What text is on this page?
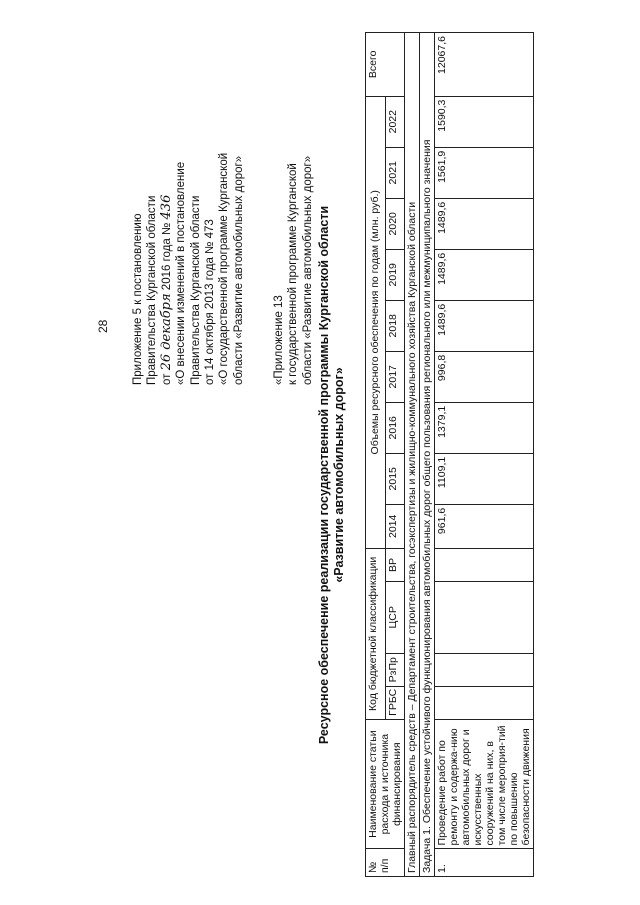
28 Приложение 5 к постановлению Правительства Курганской области от 26 декабря 2016 года № 436 «О внесении изменений в постановление Правительства Курганской области от 14 октября 2013 года № 473 «О государственной программе Курганской области «Развитие автомобильных дорог» «Приложение 13 к государственной программе Курганской области «Развитие автомобильных дорог» Ресурсное обеспечение реализации государственной программы Курганской области «Развитие автомобильных дорог»
№ п/п	Наименование статьи расхода и источника финансирования	Код бюджетной классификации				Объемы ресурсного обеспечения по годам (млн. руб.)									Всего
		ГРБС	РзПр	ЦСР	ВР	2014	2015	2016	2017	2018	2019	2020	2021	2022	
Главный распорядитель средств – Департамент строительства, госэкспертизы и жилищно-коммунального хозяйства Курганской области															
Задача 1. Обеспечение устойчивого функционирования автомобильных дорог общего пользования регионального или межмуниципального значения															
1.	Проведение работ по ремонту и содержа-нию автомобильных дорог и искусственных сооружений на них, в том числе мероприя-тий по повышению безопасности движения					961,6	1109,1	1379,1	996,8	1489,6	1489,6	1489,6	1561,9	1590,3	12067,6
